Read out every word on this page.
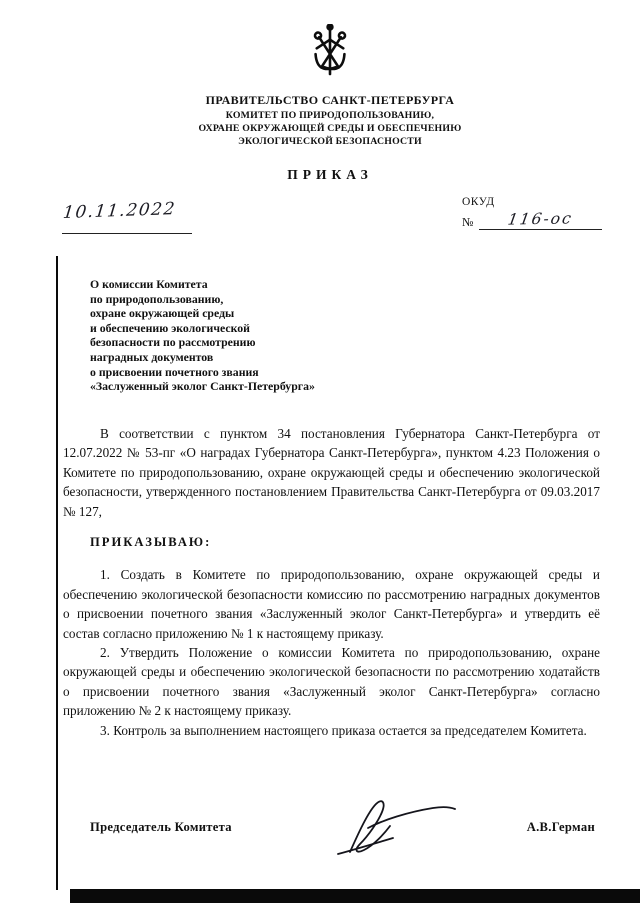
ПРАВИТЕЛЬСТВО САНКТ-ПЕТЕРБУРГА
КОМИТЕТ ПО ПРИРОДОПОЛЬЗОВАНИЮ,
ОХРАНЕ ОКРУЖАЮЩЕЙ СРЕДЫ И ОБЕСПЕЧЕНИЮ
ЭКОЛОГИЧЕСКОЙ БЕЗОПАСНОСТИ
ПРИКАЗ
10.11.2022	ОКУД
№	116-ос
О комиссии Комитета
по природопользованию,
охране окружающей среды
и обеспечению экологической
безопасности по рассмотрению
наградных документов
о присвоении почетного звания
«Заслуженный эколог Санкт-Петербурга»

В соответствии с пунктом 34 постановления Губернатора Санкт-Петербурга от 12.07.2022 № 53-пг «О наградах Губернатора Санкт-Петербурга», пунктом 4.23 Положения о Комитете по природопользованию, охране окружающей среды и обеспечению экологической безопасности, утвержденного постановлением Правительства Санкт-Петербурга от 09.03.2017 № 127,

ПРИКАЗЫВАЮ:

1. Создать в Комитете по природопользованию, охране окружающей среды и обеспечению экологической безопасности комиссию по рассмотрению наградных документов о присвоении почетного звания «Заслуженный эколог Санкт-Петербурга» и утвердить её состав согласно приложению № 1 к настоящему приказу.

2. Утвердить Положение о комиссии Комитета по природопользованию, охране окружающей среды и обеспечению экологической безопасности по рассмотрению ходатайств о присвоении почетного звания «Заслуженный эколог Санкт-Петербурга» согласно приложению № 2 к настоящему приказу.

3. Контроль за выполнением настоящего приказа остается за председателем Комитета.

Председатель Комитета	А.В.Герман
